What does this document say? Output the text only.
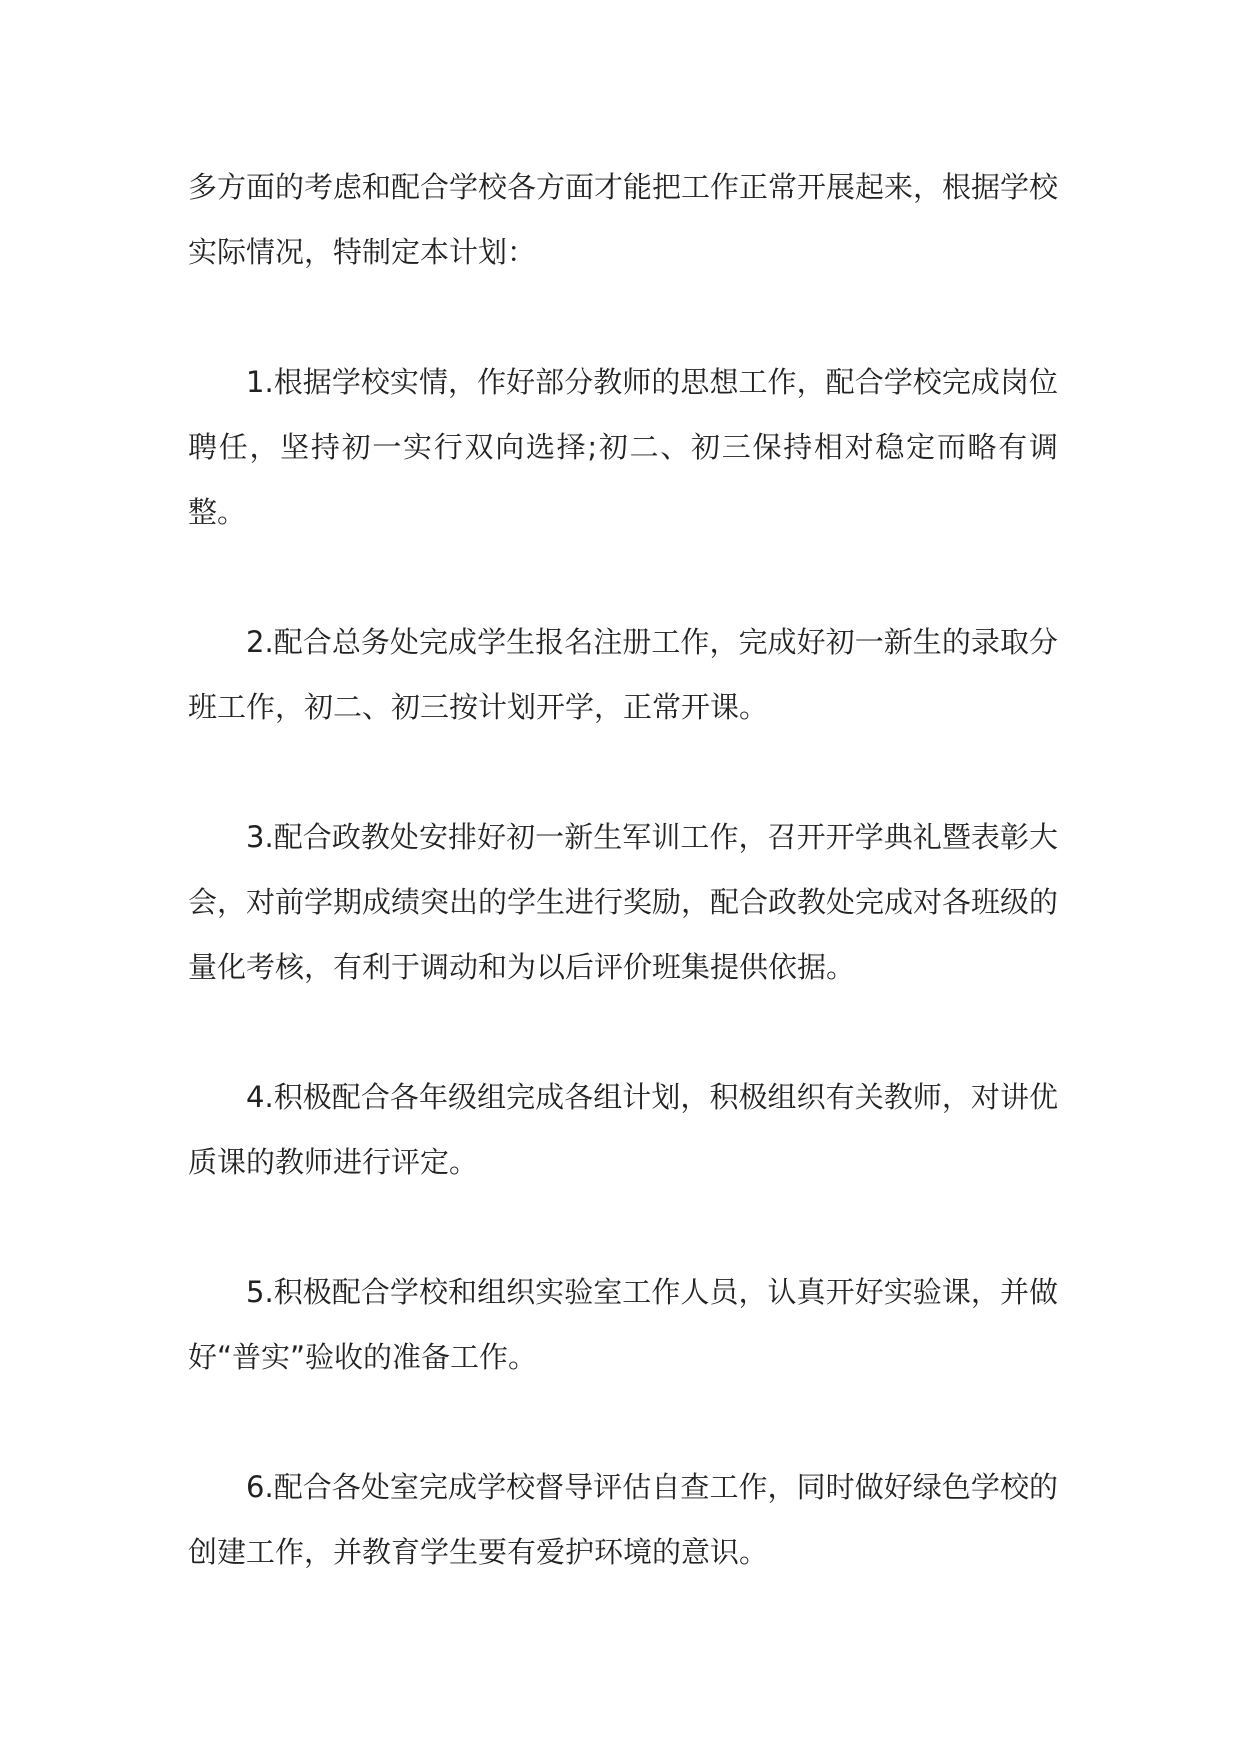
多方面的考虑和配合学校各方面才能把工作正常开展起来，根据学校实际情况，特制定本计划：

1.根据学校实情，作好部分教师的思想工作，配合学校完成岗位聘任，坚持初一实行双向选择;初二、初三保持相对稳定而略有调整。

2.配合总务处完成学生报名注册工作，完成好初一新生的录取分班工作，初二、初三按计划开学，正常开课。

3.配合政教处安排好初一新生军训工作，召开开学典礼暨表彰大会，对前学期成绩突出的学生进行奖励，配合政教处完成对各班级的量化考核，有利于调动和为以后评价班集提供依据。

4.积极配合各年级组完成各组计划，积极组织有关教师，对讲优质课的教师进行评定。

5.积极配合学校和组织实验室工作人员，认真开好实验课，并做好“普实”验收的准备工作。

6.配合各处室完成学校督导评估自查工作，同时做好绿色学校的创建工作，并教育学生要有爱护环境的意识。
